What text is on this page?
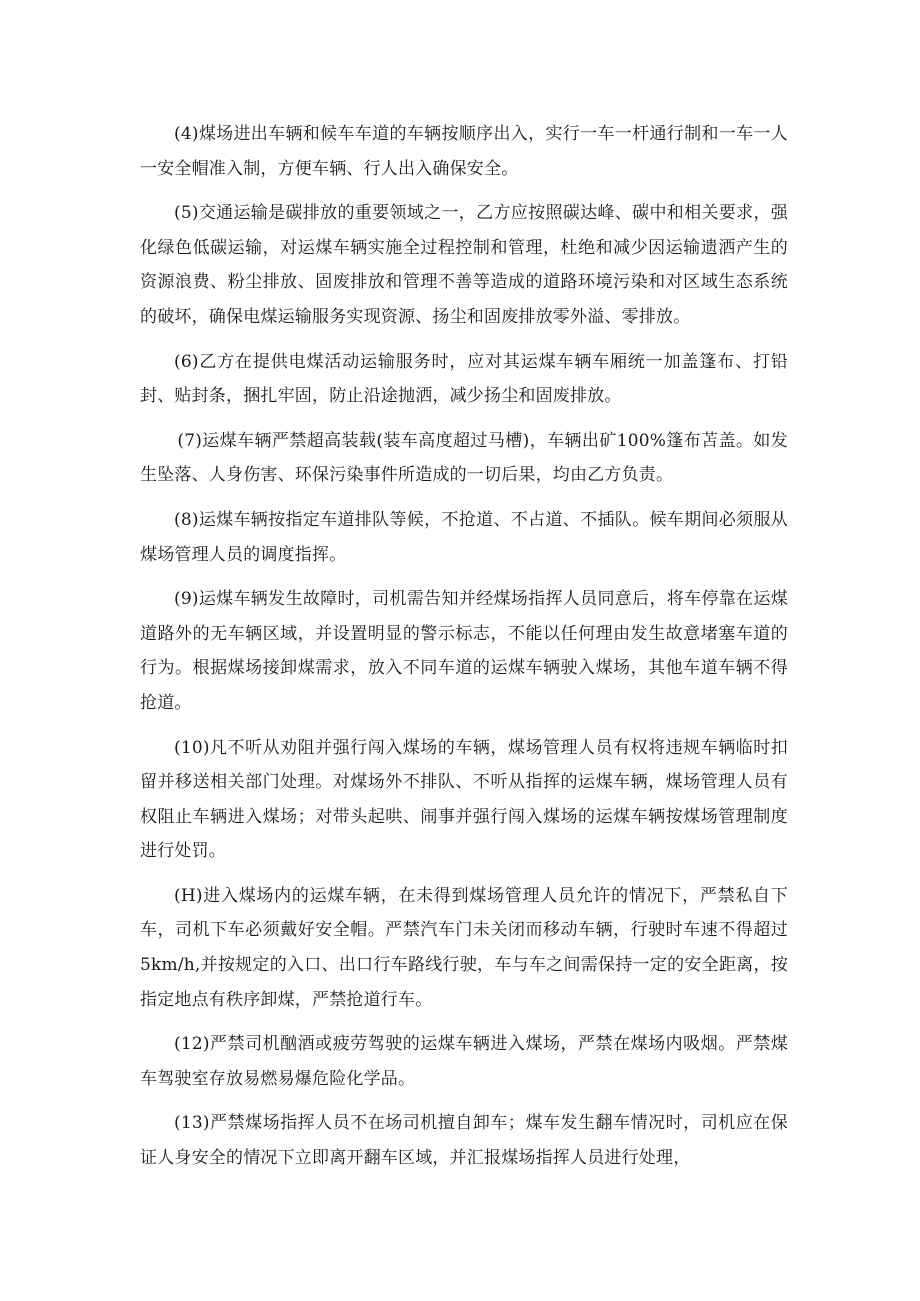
(4)煤场进出车辆和候车车道的车辆按顺序出入，实行一车一杆通行制和一车一人一安全帽准入制，方便车辆、行人出入确保安全。

(5)交通运输是碳排放的重要领域之一，乙方应按照碳达峰、碳中和相关要求，强化绿色低碳运输，对运煤车辆实施全过程控制和管理，杜绝和减少因运输遗洒产生的资源浪费、粉尘排放、固废排放和管理不善等造成的道路环境污染和对区域生态系统的破坏，确保电煤运输服务实现资源、扬尘和固废排放零外溢、零排放。

(6)乙方在提供电煤活动运输服务时，应对其运煤车辆车厢统一加盖篷布、打铅封、贴封条，捆扎牢固，防止沿途抛洒，减少扬尘和固废排放。

(7)运煤车辆严禁超高装载(装车高度超过马槽)，车辆出矿100%篷布苫盖。如发生坠落、人身伤害、环保污染事件所造成的一切后果，均由乙方负责。

(8)运煤车辆按指定车道排队等候，不抢道、不占道、不插队。候车期间必须服从煤场管理人员的调度指挥。

(9)运煤车辆发生故障时，司机需告知并经煤场指挥人员同意后，将车停靠在运煤道路外的无车辆区域，并设置明显的警示标志，不能以任何理由发生故意堵塞车道的行为。根据煤场接卸煤需求，放入不同车道的运煤车辆驶入煤场，其他车道车辆不得抢道。

(10)凡不听从劝阻并强行闯入煤场的车辆，煤场管理人员有权将违规车辆临时扣留并移送相关部门处理。对煤场外不排队、不听从指挥的运煤车辆，煤场管理人员有权阻止车辆进入煤场；对带头起哄、闹事并强行闯入煤场的运煤车辆按煤场管理制度进行处罚。

(H)进入煤场内的运煤车辆，在未得到煤场管理人员允许的情况下，严禁私自下车，司机下车必须戴好安全帽。严禁汽车门未关闭而移动车辆，行驶时车速不得超过5km/h,并按规定的入口、出口行车路线行驶，车与车之间需保持一定的安全距离，按指定地点有秩序卸煤，严禁抢道行车。

(12)严禁司机酗酒或疲劳驾驶的运煤车辆进入煤场，严禁在煤场内吸烟。严禁煤车驾驶室存放易燃易爆危险化学品。

(13)严禁煤场指挥人员不在场司机擅自卸车；煤车发生翻车情况时，司机应在保证人身安全的情况下立即离开翻车区域，并汇报煤场指挥人员进行处理，
